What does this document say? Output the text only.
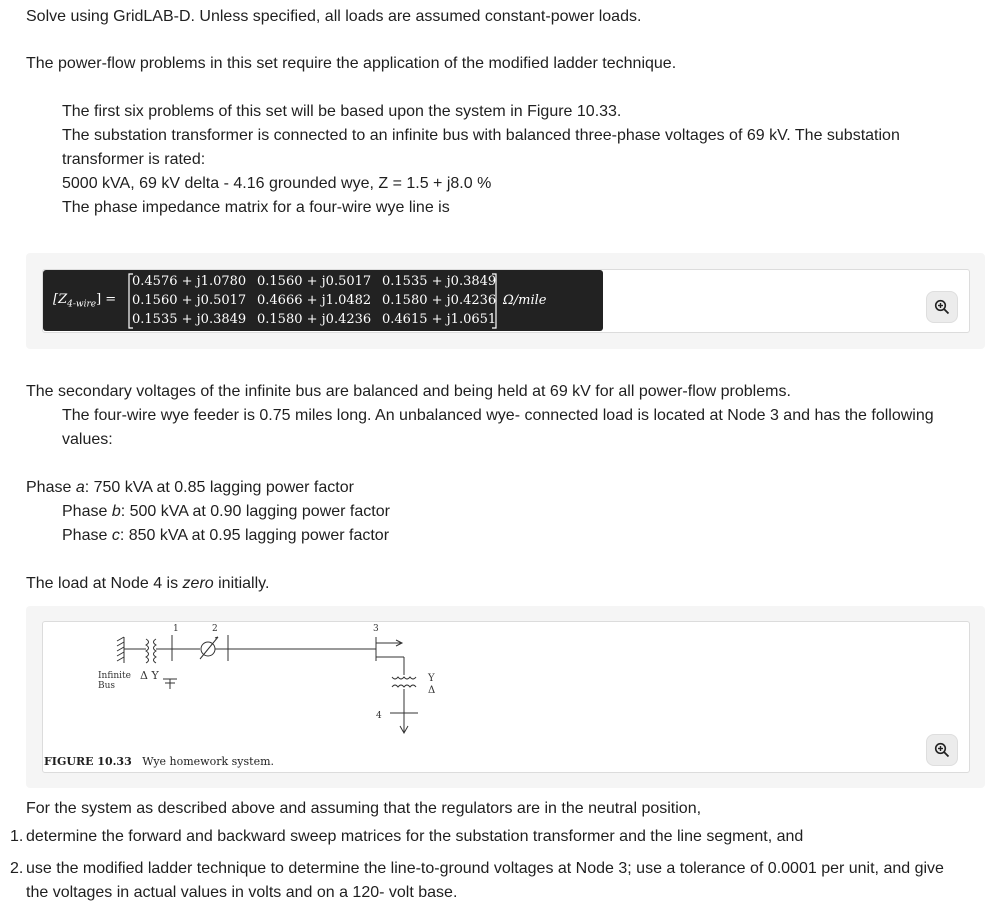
Solve using GridLAB-D. Unless specified, all loads are assumed constant-power loads.
The power-flow problems in this set require the application of the modified ladder technique.
The first six problems of this set will be based upon the system in Figure 10.33.
The substation transformer is connected to an infinite bus with balanced three-phase voltages of 69 kV. The substation
transformer is rated:
5000 kVA, 69 kV delta - 4.16 grounded wye, Z = 1.5 + j8.0 %
The phase impedance matrix for a four-wire wye line is
$[Z_{4-wire}]$ =
0.4576 + j1.0780 0.1560 + j0.5017 0.1535 + j0.3849
0.1560 + j0.5017 0.4666 + j1.0482 0.1580 + j0.4236
0.1535 + j0.3849 0.1580 + j0.4236 0.4615 + j1.0651
Ω/mile
The secondary voltages of the infinite bus are balanced and being held at 69 kV for all power-flow problems.
The four-wire wye feeder is 0.75 miles long. An unbalanced wye- connected load is located at Node 3 and has the following
values:
Phase a: 750 kVA at 0.85 lagging power factor
Phase b: 500 kVA at 0.90 lagging power factor
Phase c: 850 kVA at 0.95 lagging power factor
The load at Node 4 is zero initially.
1	2	3
4
Infinite
Bus
Δ Y	Y
Δ
FIGURE 10.33 Wye homework system.
For the system as described above and assuming that the regulators are in the neutral position,
1. determine the forward and backward sweep matrices for the substation transformer and the line segment, and
2. use the modified ladder technique to determine the line-to-ground voltages at Node 3; use a tolerance of 0.0001 per unit, and give
the voltages in actual values in volts and on a 120- volt base.
